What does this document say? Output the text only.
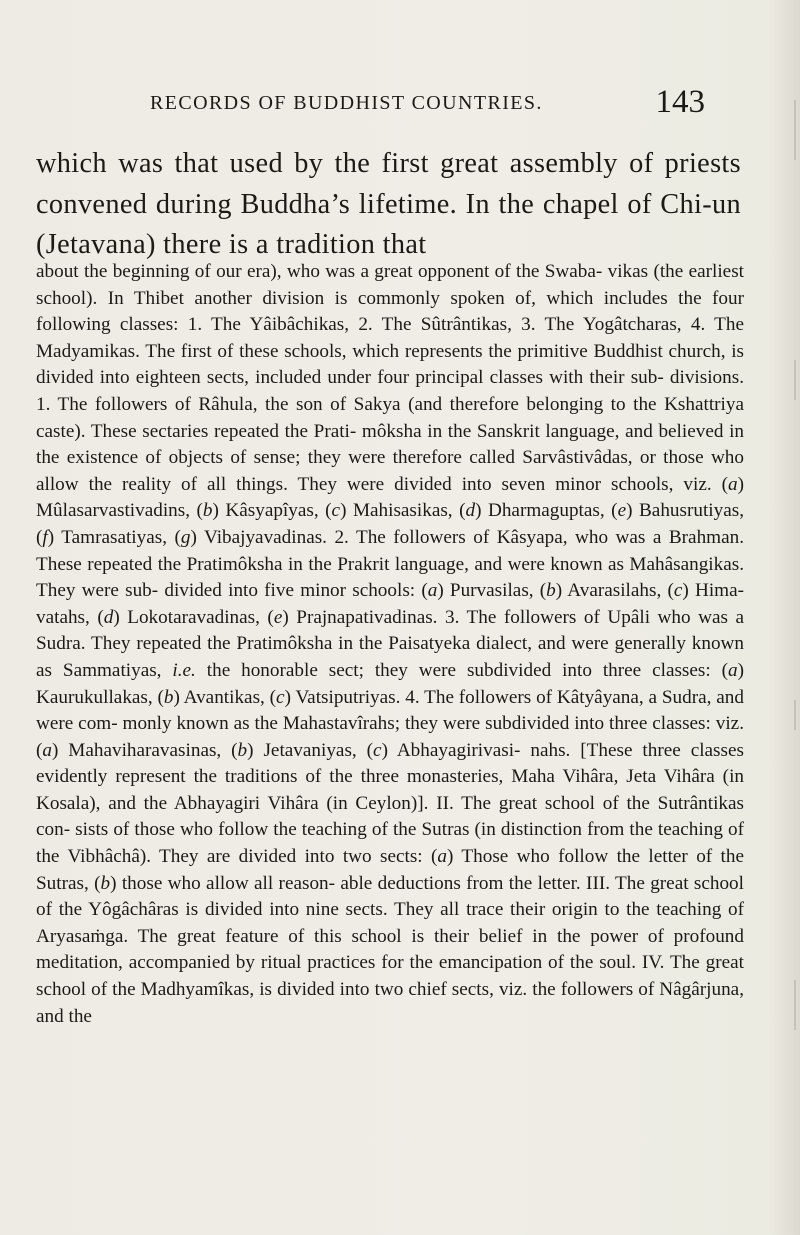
RECORDS OF BUDDHIST COUNTRIES.	143

which was that used by the first great assembly of priests convened during Buddha’s lifetime. In the chapel of Chi-un (Jetavana) there is a tradition that

about the beginning of our era), who was a great opponent of the Swaba- vikas (the earliest school). In Thibet another division is commonly spoken of, which includes the four following classes: 1. The Yâibâchikas, 2. The Sûtrântikas, 3. The Yogâtcharas, 4. The Madyamikas. The first of these schools, which represents the primitive Buddhist church, is divided into eighteen sects, included under four principal classes with their sub- divisions. 1. The followers of Râhula, the son of Sakya (and therefore belonging to the Kshattriya caste). These sectaries repeated the Prati- môksha in the Sanskrit language, and believed in the existence of objects of sense; they were therefore called Sarvâstivâdas, or those who allow the reality of all things. They were divided into seven minor schools, viz. (a) Mûlasarvastivadins, (b) Kâsyapîyas, (c) Mahisasikas, (d) Dharmaguptas, (e) Bahusrutiyas, (f) Tamrasatiyas, (g) Vibajyavadinas. 2. The followers of Kâsyapa, who was a Brahman. These repeated the Pratimôksha in the Prakrit language, and were known as Mahâsangikas. They were sub- divided into five minor schools: (a) Purvasilas, (b) Avarasilahs, (c) Hima- vatahs, (d) Lokotaravadinas, (e) Prajnapativadinas. 3. The followers of Upâli who was a Sudra. They repeated the Pratimôksha in the Paisatyeka dialect, and were generally known as Sammatiyas, i.e. the honorable sect; they were subdivided into three classes: (a) Kaurukullakas, (b) Avantikas, (c) Vatsiputriyas. 4. The followers of Kâtyâyana, a Sudra, and were com- monly known as the Mahastavîrahs; they were subdivided into three classes: viz. (a) Mahaviharavasinas, (b) Jetavaniyas, (c) Abhayagirivasi- nahs. [These three classes evidently represent the traditions of the three monasteries, Maha Vihâra, Jeta Vihâra (in Kosala), and the Abhayagiri Vihâra (in Ceylon)]. II. The great school of the Sutrântikas con- sists of those who follow the teaching of the Sutras (in distinction from the teaching of the Vibhâchâ). They are divided into two sects: (a) Those who follow the letter of the Sutras, (b) those who allow all reason- able deductions from the letter. III. The great school of the Yôgâchâras is divided into nine sects. They all trace their origin to the teaching of Aryasaṁga. The great feature of this school is their belief in the power of profound meditation, accompanied by ritual practices for the emancipation of the soul. IV. The great school of the Madhyamîkas, is divided into two chief sects, viz. the followers of Nâgârjuna, and the
